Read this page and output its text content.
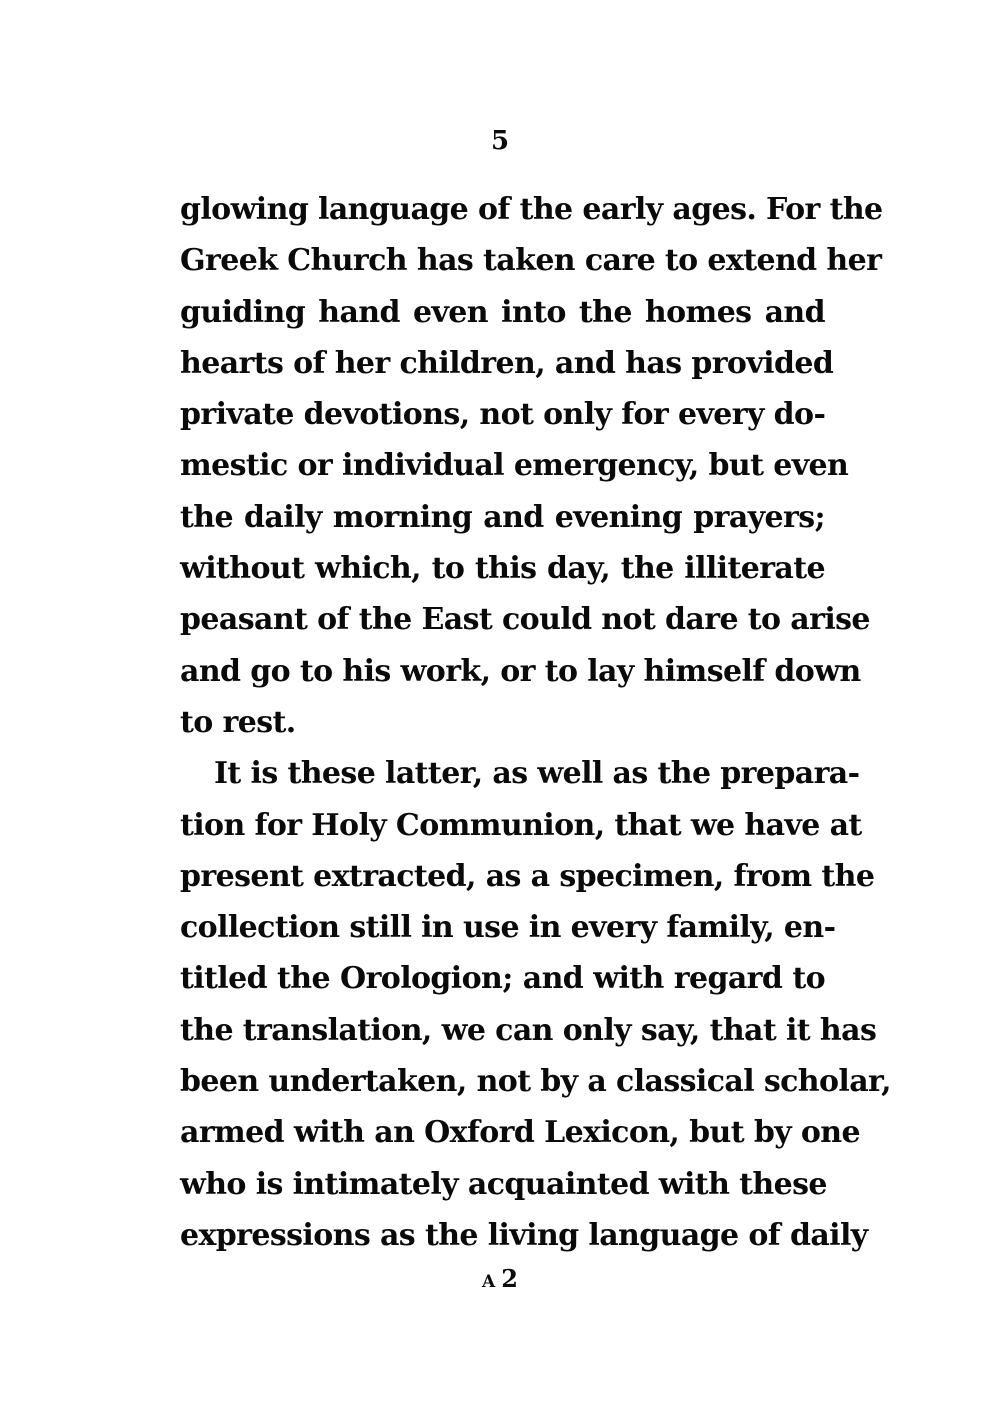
5
glowing language of the early ages. For the
Greek Church has taken care to extend her
guiding hand even into the homes and
hearts of her children, and has provided
private devotions, not only for every do-
mestic or individual emergency, but even
the daily morning and evening prayers;
without which, to this day, the illiterate
peasant of the East could not dare to arise
and go to his work, or to lay himself down
to rest.
It is these latter, as well as the prepara-
tion for Holy Communion, that we have at
present extracted, as a specimen, from the
collection still in use in every family, en-
titled the Orologion; and with regard to
the translation, we can only say, that it has
been undertaken, not by a classical scholar,
armed with an Oxford Lexicon, but by one
who is intimately acquainted with these
expressions as the living language of daily
A 2
